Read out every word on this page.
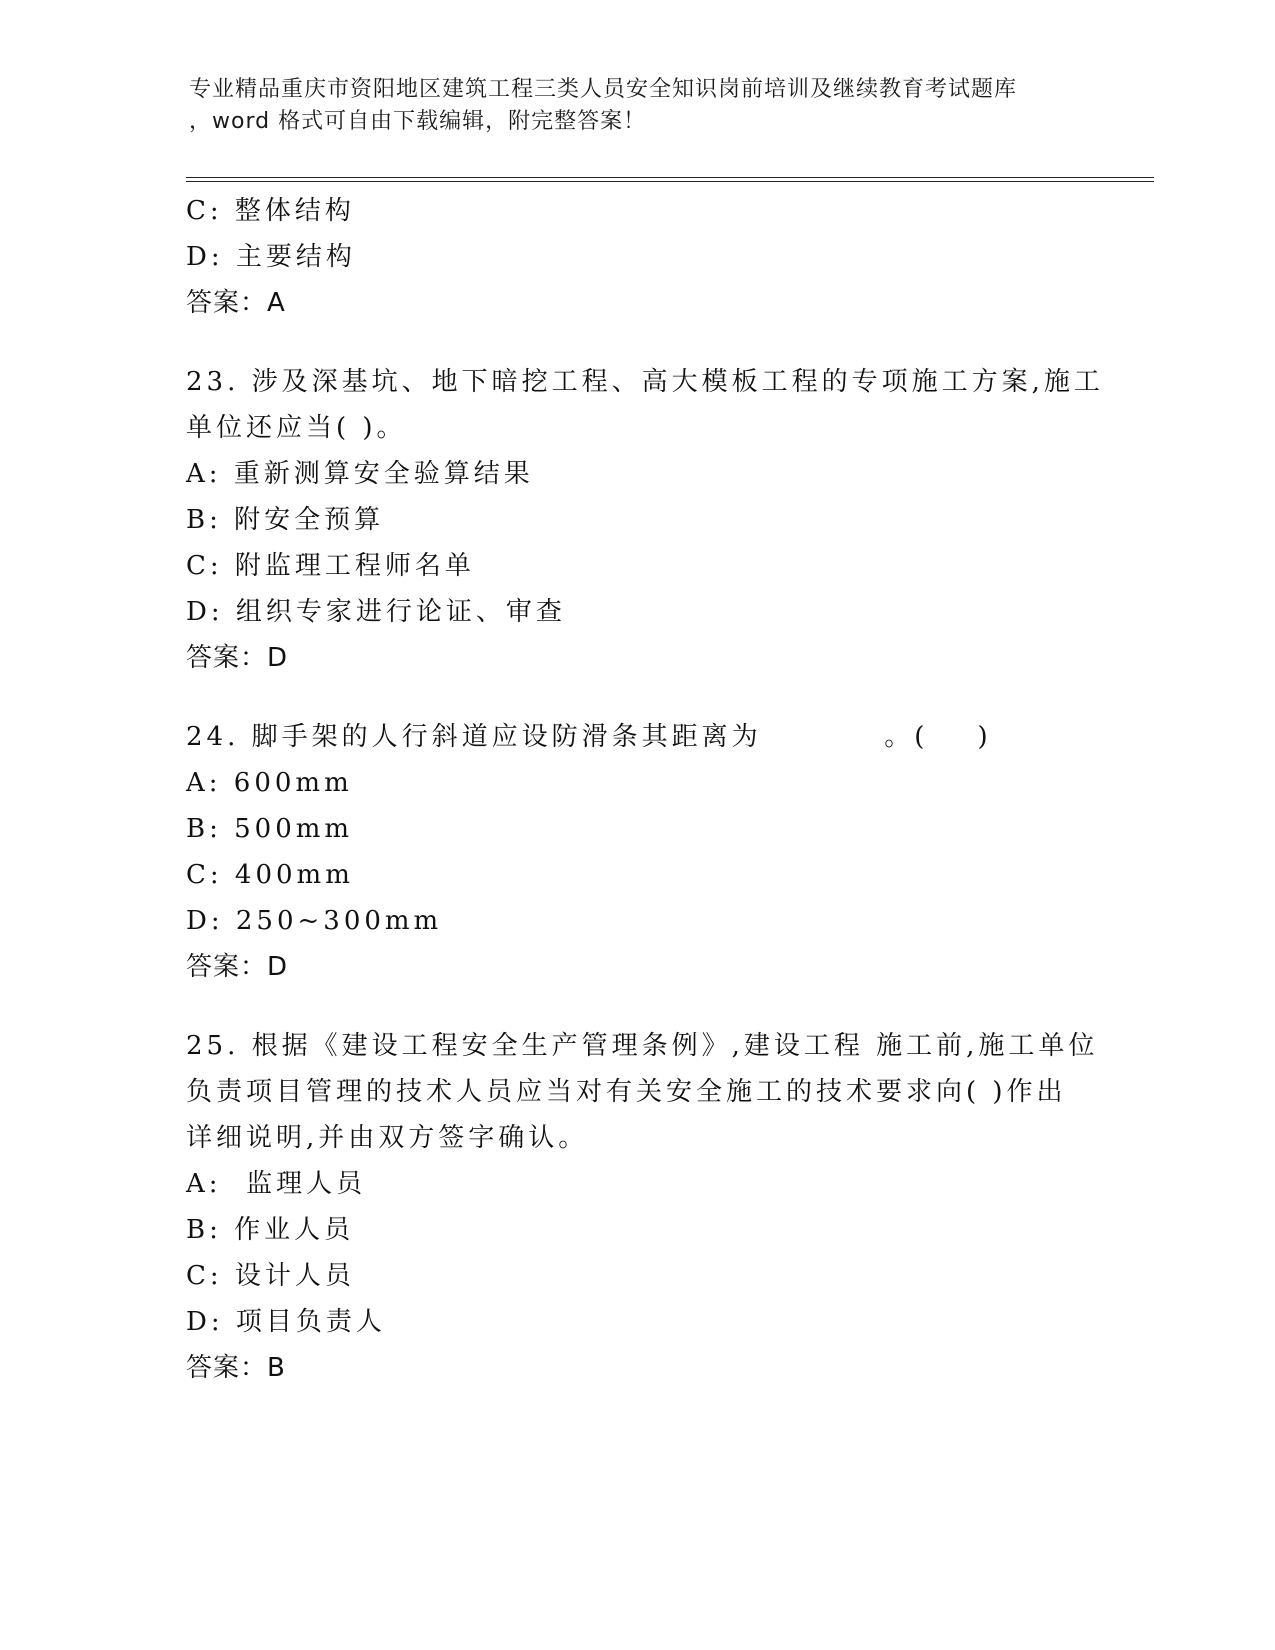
专业精品重庆市资阳地区建筑工程三类人员安全知识岗前培训及继续教育考试题库
，word 格式可自由下载编辑，附完整答案！
C: 整体结构
D: 主要结构
答案：A
23. 涉及深基坑、地下暗挖工程、高大模板工程的专项施工方案,施工
单位还应当( )。
A: 重新测算安全验算结果
B: 附安全预算
C: 附监理工程师名单
D: 组织专家进行论证、审查
答案：D
24. 脚手架的人行斜道应设防滑条其距离为          。(    )
A: 600mm
B: 500mm
C: 400mm
D: 250~300mm
答案：D
25. 根据《建设工程安全生产管理条例》,建设工程 施工前,施工单位
负责项目管理的技术人员应当对有关安全施工的技术要求向( )作出
详细说明,并由双方签字确认。
A:  监理人员
B: 作业人员
C: 设计人员
D: 项目负责人
答案：B
